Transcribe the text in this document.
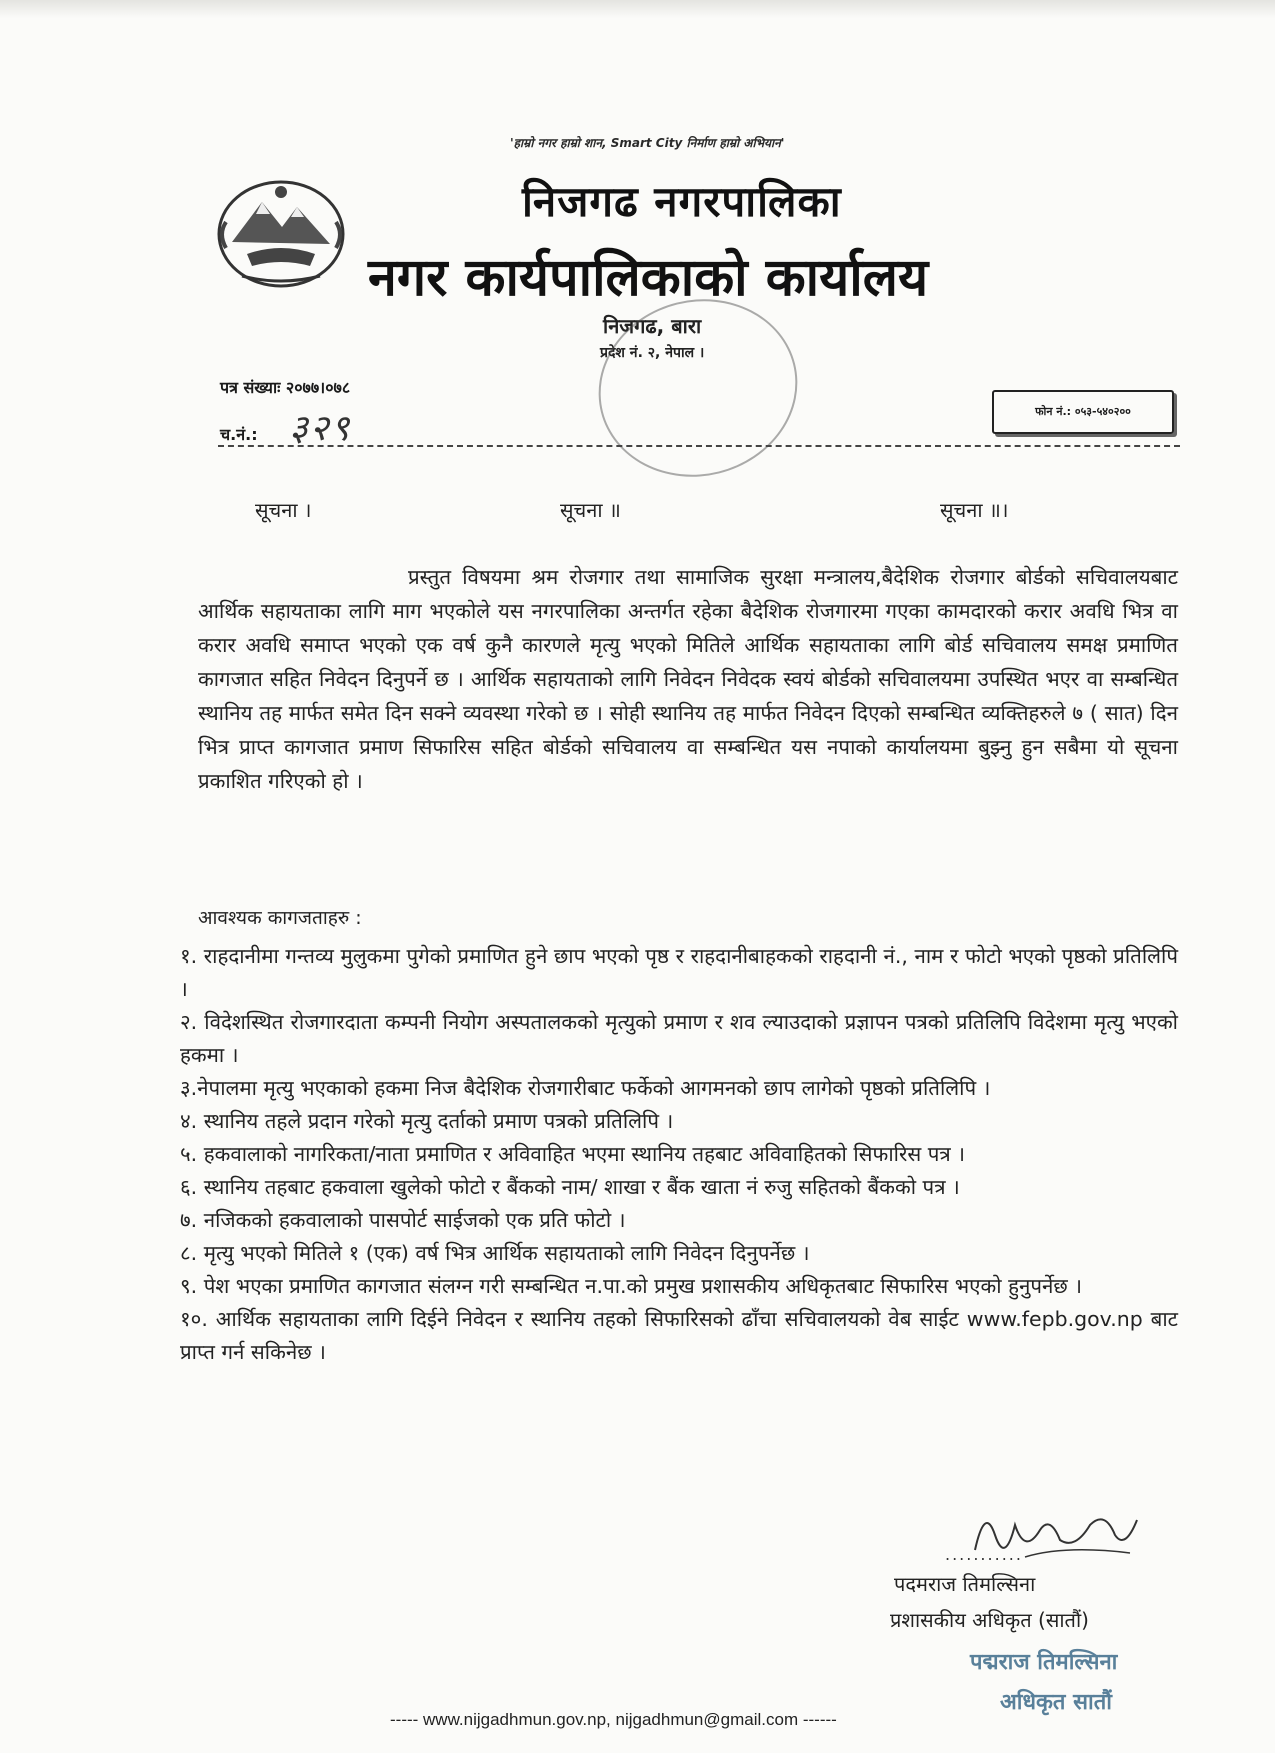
'हाम्रो नगर हाम्रो शान, Smart City निर्माण हाम्रो अभियान'
निजगढ नगरपालिका
नगर कार्यपालिकाको कार्यालय
निजगढ, बारा
प्रदेश नं. २, नेपाल ।
पत्र संख्याः २०७७।०७८
च.नं.: ३२९	फोन नं.: ०५३-५४०२००
सूचना ।	सूचना ॥	सूचना ॥।
प्रस्तुत विषयमा श्रम रोजगार तथा सामाजिक सुरक्षा मन्त्रालय,बैदेशिक रोजगार बोर्डको सचिवालयबाट आर्थिक सहायताका लागि माग भएकोले यस नगरपालिका अन्तर्गत रहेका बैदेशिक रोजगारमा गएका कामदारको करार अवधि भित्र वा करार अवधि समाप्त भएको एक वर्ष कुनै कारणले मृत्यु भएको मितिले आर्थिक सहायताका लागि बोर्ड सचिवालय समक्ष प्रमाणित कागजात सहित निवेदन दिनुपर्ने छ । आर्थिक सहायताको लागि निवेदन निवेदक स्वयं बोर्डको सचिवालयमा उपस्थित भएर वा सम्बन्धित स्थानिय तह मार्फत समेत दिन सक्ने व्यवस्था गरेको छ । सोही स्थानिय तह मार्फत निवेदन दिएको सम्बन्धित व्यक्तिहरुले ७ ( सात) दिन भित्र प्राप्त कागजात प्रमाण सिफारिस सहित बोर्डको सचिवालय वा सम्बन्धित यस नपाको कार्यालयमा बुझ्नु हुन सबैमा यो सूचना प्रकाशित गरिएको हो ।
आवश्यक कागजताहरु :
१. राहदानीमा गन्तव्य मुलुकमा पुगेको प्रमाणित हुने छाप भएको पृष्ठ र राहदानीबाहकको राहदानी नं., नाम र फोटो भएको पृष्ठको प्रतिलिपि ।
२. विदेशस्थित रोजगारदाता कम्पनी नियोग अस्पतालकको मृत्युको प्रमाण र शव ल्याउदाको प्रज्ञापन पत्रको प्रतिलिपि विदेशमा मृत्यु भएको हकमा ।
३.नेपालमा मृत्यु भएकाको हकमा निज बैदेशिक रोजगारीबाट फर्केको आगमनको छाप लागेको पृष्ठको प्रतिलिपि ।
४. स्थानिय तहले प्रदान गरेको मृत्यु दर्ताको प्रमाण पत्रको प्रतिलिपि ।
५. हकवालाको नागरिकता/नाता प्रमाणित र अविवाहित भएमा स्थानिय तहबाट अविवाहितको सिफारिस पत्र ।
६. स्थानिय तहबाट हकवाला खुलेको फोटो र बैंकको नाम/ शाखा र बैंक खाता नं रुजु सहितको बैंकको पत्र ।
७. नजिकको हकवालाको पासपोर्ट साईजको एक प्रति फोटो ।
८. मृत्यु भएको मितिले १ (एक) वर्ष भित्र आर्थिक सहायताको लागि निवेदन दिनुपर्नेछ ।
९. पेश भएका प्रमाणित कागजात संलग्न गरी सम्बन्धित न.पा.को प्रमुख प्रशासकीय अधिकृतबाट सिफारिस भएको हुनुपर्नेछ ।
१०. आर्थिक सहायताका लागि दिईने निवेदन र स्थानिय तहको सिफारिसको ढाँचा सचिवालयको वेब साईट www.fepb.gov.np बाट प्राप्त गर्न सकिनेछ ।
...........
पदमराज तिमल्सिना
प्रशासकीय अधिकृत (सातौं)
पद्मराज तिमल्सिना
अधिकृत सातौं
----- www.nijgadhmun.gov.np, nijgadhmun@gmail.com ------
